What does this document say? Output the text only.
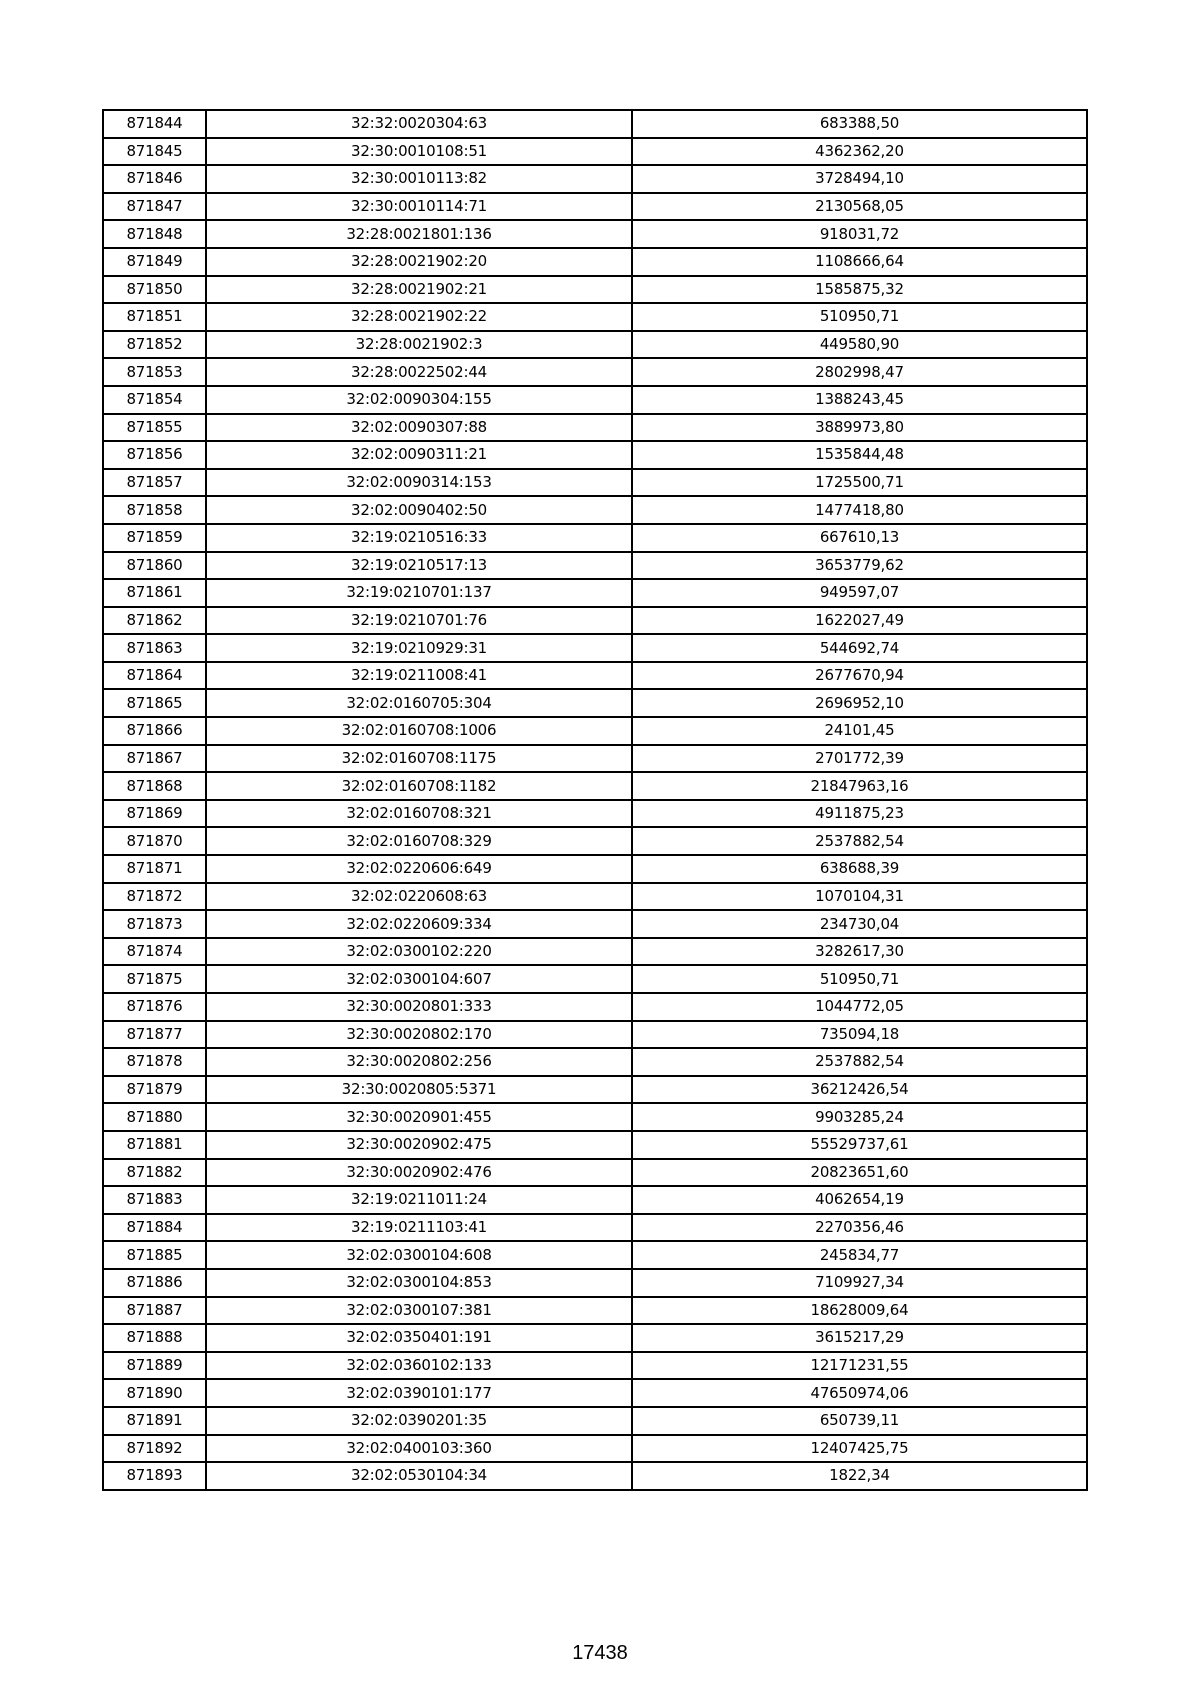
871844	32:32:0020304:63	683388,50
871845	32:30:0010108:51	4362362,20
871846	32:30:0010113:82	3728494,10
871847	32:30:0010114:71	2130568,05
871848	32:28:0021801:136	918031,72
871849	32:28:0021902:20	1108666,64
871850	32:28:0021902:21	1585875,32
871851	32:28:0021902:22	510950,71
871852	32:28:0021902:3	449580,90
871853	32:28:0022502:44	2802998,47
871854	32:02:0090304:155	1388243,45
871855	32:02:0090307:88	3889973,80
871856	32:02:0090311:21	1535844,48
871857	32:02:0090314:153	1725500,71
871858	32:02:0090402:50	1477418,80
871859	32:19:0210516:33	667610,13
871860	32:19:0210517:13	3653779,62
871861	32:19:0210701:137	949597,07
871862	32:19:0210701:76	1622027,49
871863	32:19:0210929:31	544692,74
871864	32:19:0211008:41	2677670,94
871865	32:02:0160705:304	2696952,10
871866	32:02:0160708:1006	24101,45
871867	32:02:0160708:1175	2701772,39
871868	32:02:0160708:1182	21847963,16
871869	32:02:0160708:321	4911875,23
871870	32:02:0160708:329	2537882,54
871871	32:02:0220606:649	638688,39
871872	32:02:0220608:63	1070104,31
871873	32:02:0220609:334	234730,04
871874	32:02:0300102:220	3282617,30
871875	32:02:0300104:607	510950,71
871876	32:30:0020801:333	1044772,05
871877	32:30:0020802:170	735094,18
871878	32:30:0020802:256	2537882,54
871879	32:30:0020805:5371	36212426,54
871880	32:30:0020901:455	9903285,24
871881	32:30:0020902:475	55529737,61
871882	32:30:0020902:476	20823651,60
871883	32:19:0211011:24	4062654,19
871884	32:19:0211103:41	2270356,46
871885	32:02:0300104:608	245834,77
871886	32:02:0300104:853	7109927,34
871887	32:02:0300107:381	18628009,64
871888	32:02:0350401:191	3615217,29
871889	32:02:0360102:133	12171231,55
871890	32:02:0390101:177	47650974,06
871891	32:02:0390201:35	650739,11
871892	32:02:0400103:360	12407425,75
871893	32:02:0530104:34	1822,34
17438
